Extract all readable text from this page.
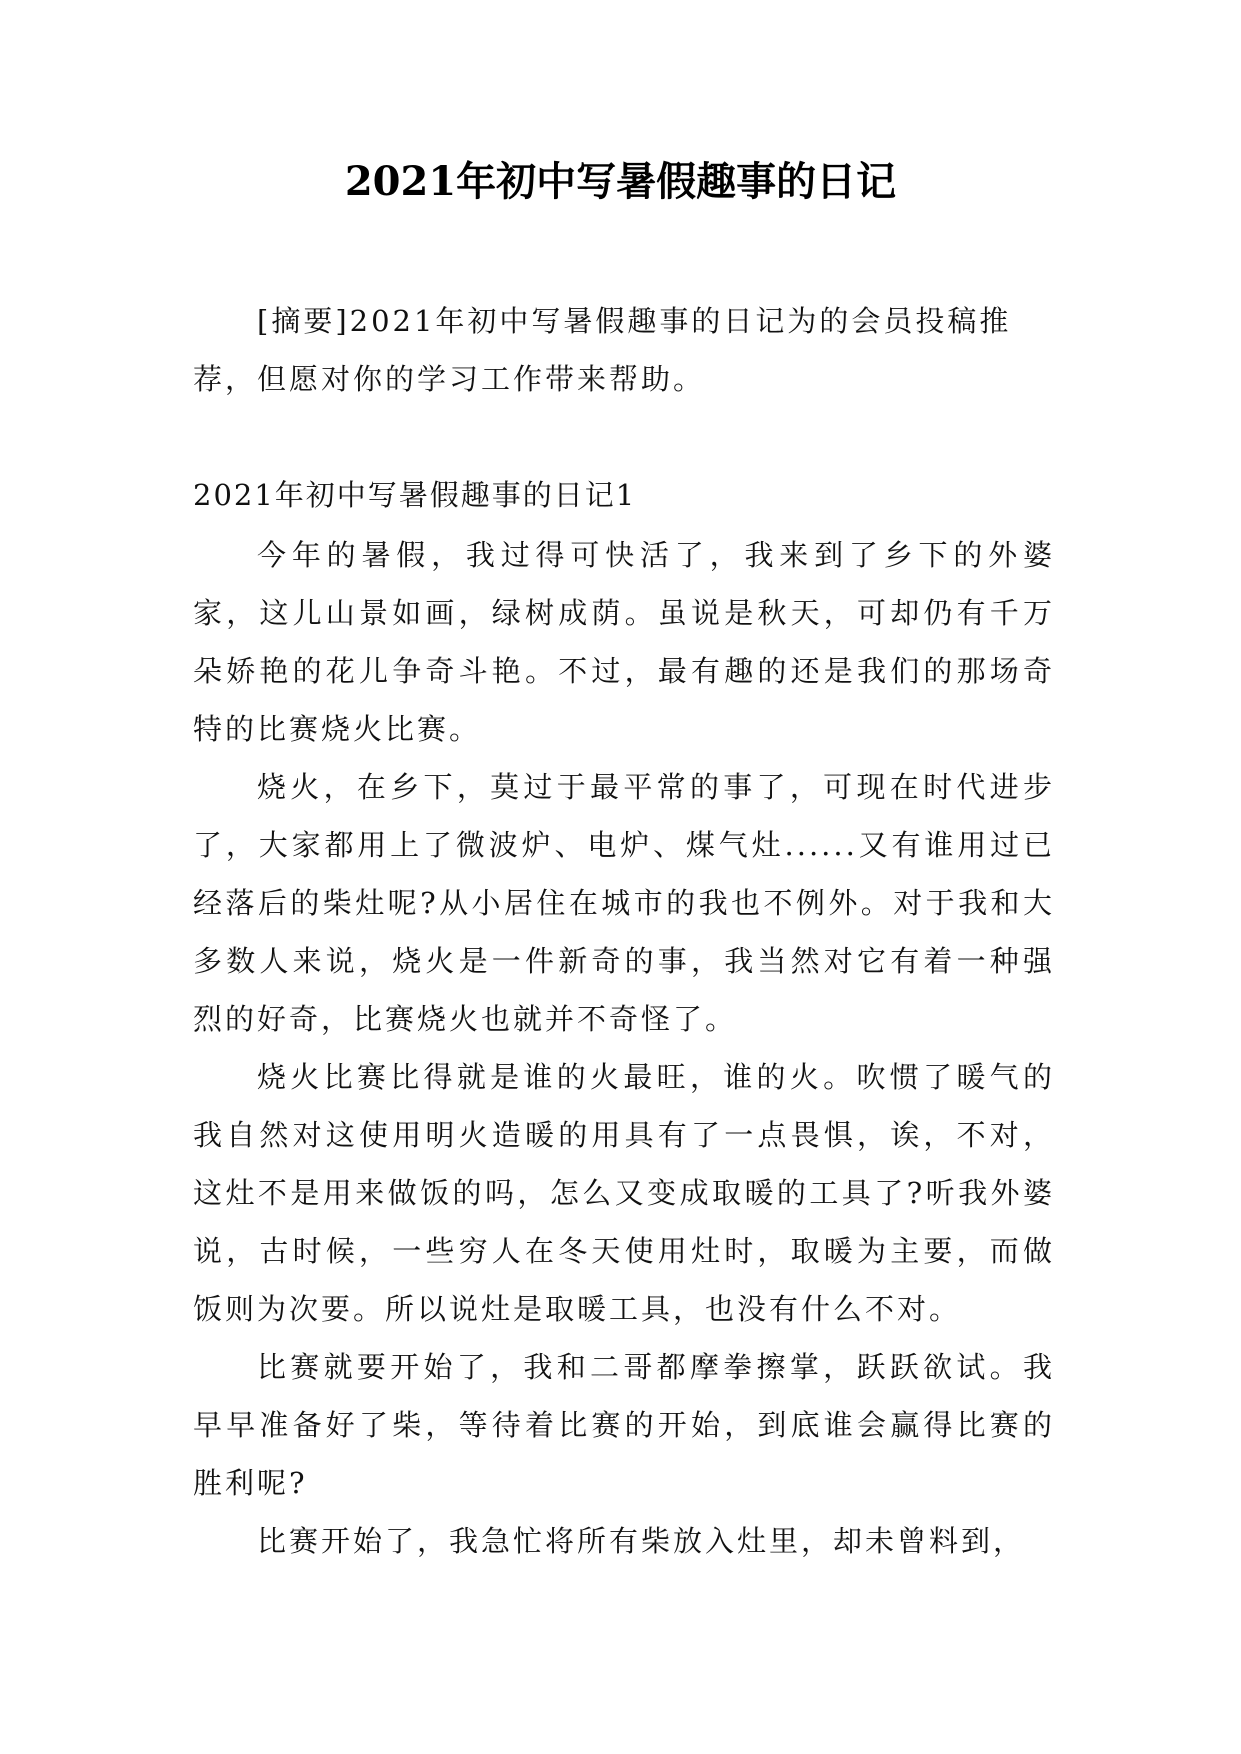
2021年初中写暑假趣事的日记

[摘要]2021年初中写暑假趣事的日记为的会员投稿推荐，但愿对你的学习工作带来帮助。

2021年初中写暑假趣事的日记1

今年的暑假，我过得可快活了，我来到了乡下的外婆家，这儿山景如画，绿树成荫。虽说是秋天，可却仍有千万朵娇艳的花儿争奇斗艳。不过，最有趣的还是我们的那场奇特的比赛烧火比赛。

烧火，在乡下，莫过于最平常的事了，可现在时代进步了，大家都用上了微波炉、电炉、煤气灶......又有谁用过已经落后的柴灶呢?从小居住在城市的我也不例外。对于我和大多数人来说，烧火是一件新奇的事，我当然对它有着一种强烈的好奇，比赛烧火也就并不奇怪了。

烧火比赛比得就是谁的火最旺，谁的火。吹惯了暖气的我自然对这使用明火造暖的用具有了一点畏惧，诶，不对，这灶不是用来做饭的吗，怎么又变成取暖的工具了?听我外婆说，古时候，一些穷人在冬天使用灶时，取暖为主要，而做饭则为次要。所以说灶是取暖工具，也没有什么不对。

比赛就要开始了，我和二哥都摩拳擦掌，跃跃欲试。我早早准备好了柴，等待着比赛的开始，到底谁会赢得比赛的胜利呢?

比赛开始了，我急忙将所有柴放入灶里，却未曾料到，
